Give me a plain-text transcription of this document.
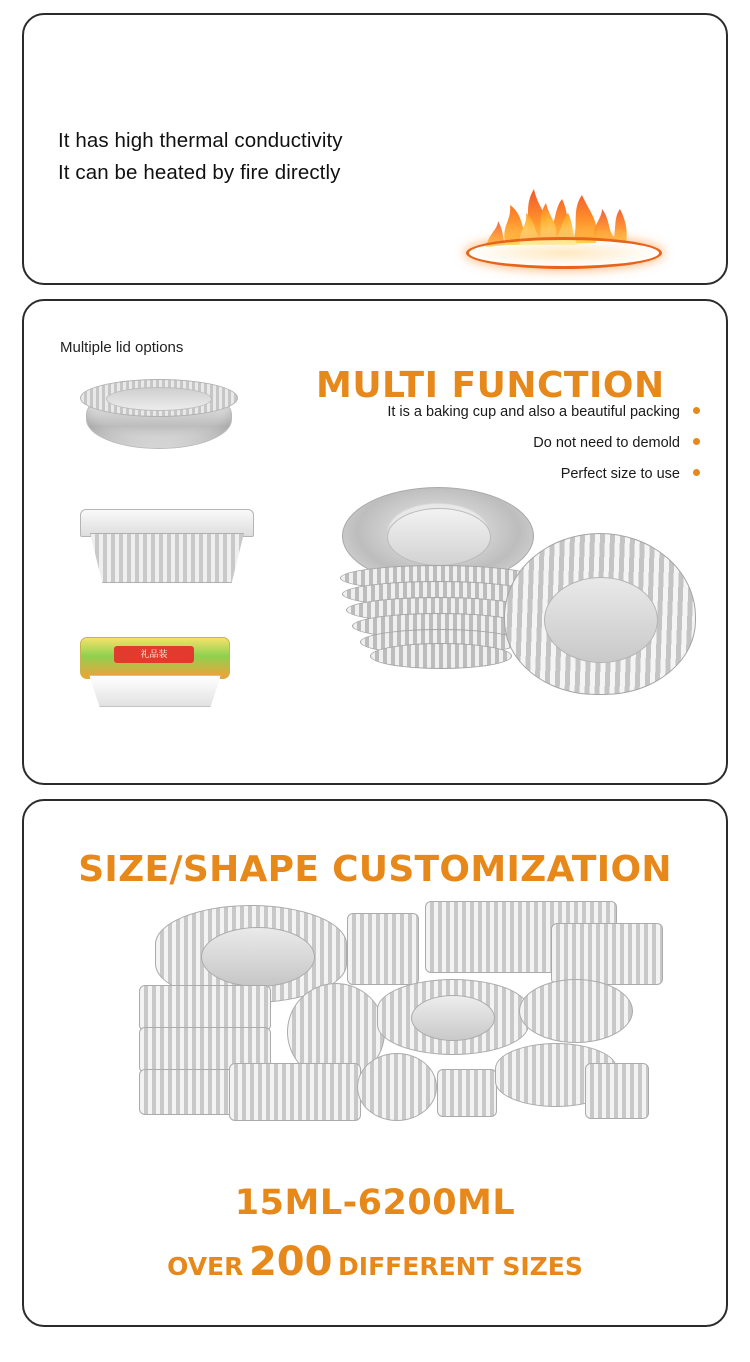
It has high thermal conductivity
It can be heated by fire directly
Multiple lid options
MULTI FUNCTION
It is a baking cup and also a beautiful packing
Do not need to demold
Perfect size to use
礼品装
SIZE/SHAPE CUSTOMIZATION
15ML-6200ML
OVER 200 DIFFERENT SIZES
